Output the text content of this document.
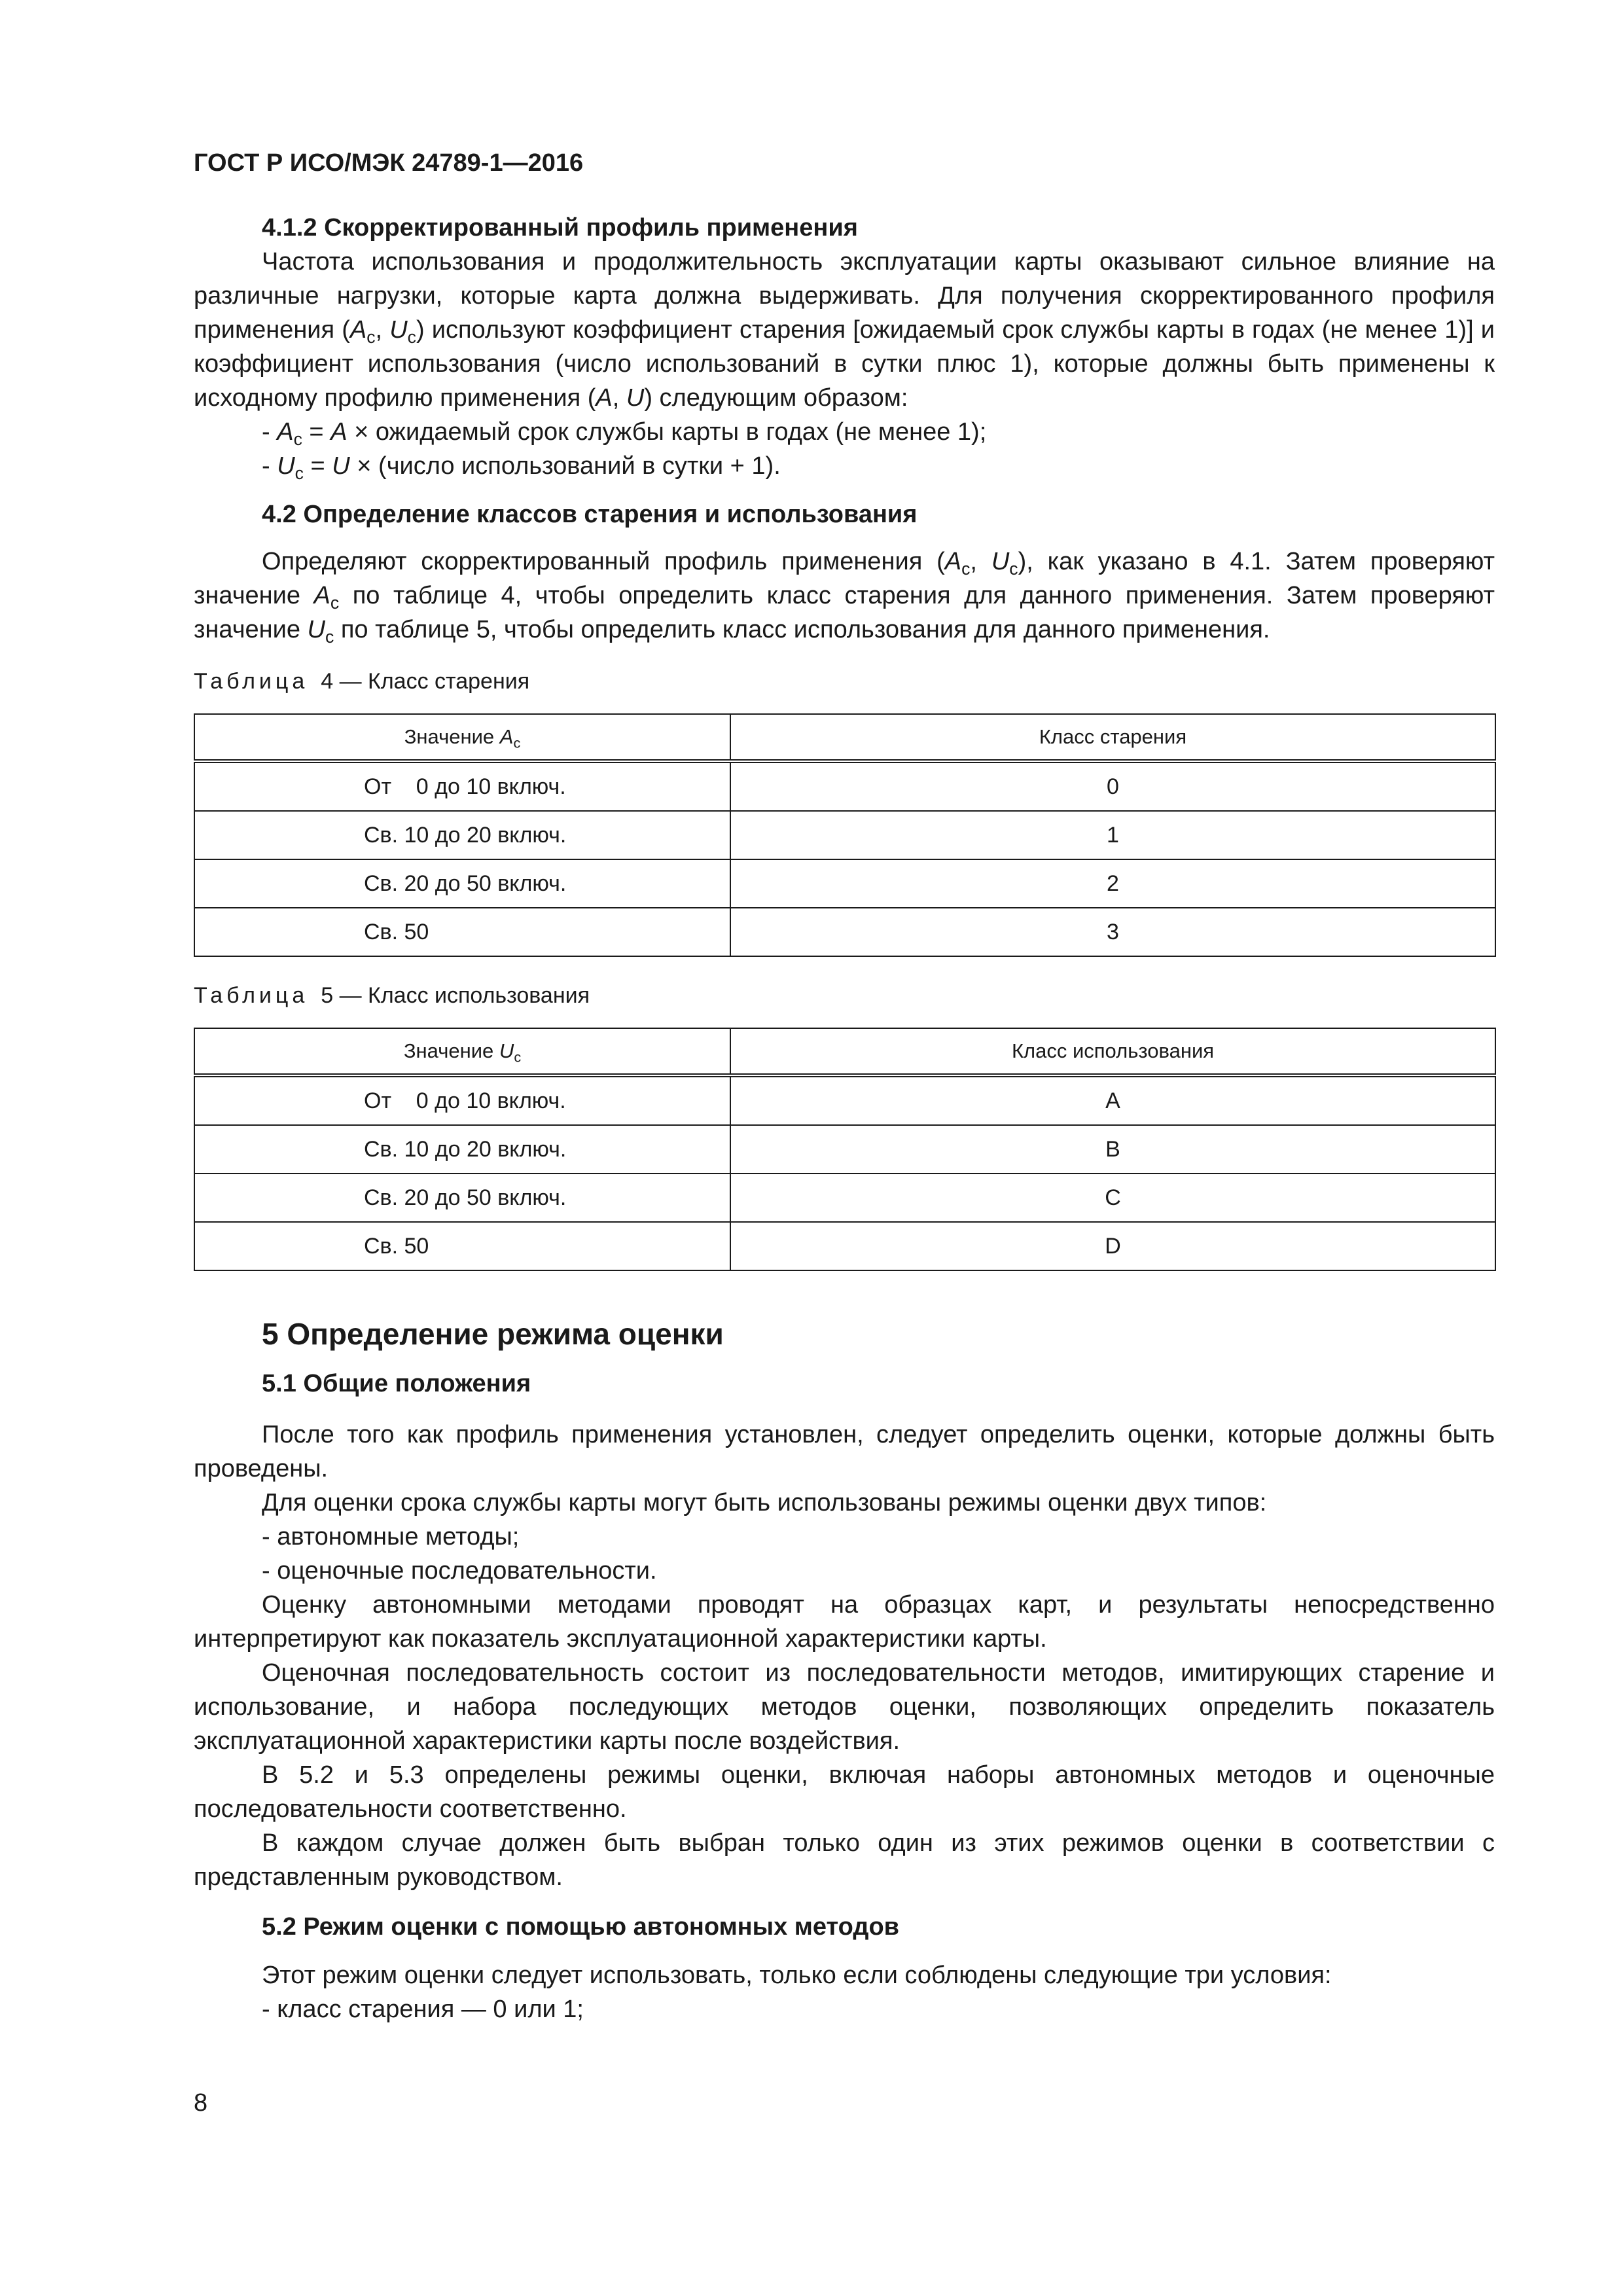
ГОСТ Р ИСО/МЭК 24789-1—2016
4.1.2 Скорректированный профиль применения

Частота использования и продолжительность эксплуатации карты оказывают сильное влияние на различные нагрузки, которые карта должна выдерживать. Для получения скорректированного профиля применения ($A_c$, $U_c$) используют коэффициент старения [ожидаемый срок службы карты в годах (не менее 1)] и коэффициент использования (число использований в сутки плюс 1), которые должны быть применены к исходному профилю применения (A, U) следующим образом:

- $A_c = A$ × ожидаемый срок службы карты в годах (не менее 1);

- $U_c = U$ × (число использований в сутки + 1).

4.2 Определение классов старения и использования

Определяют скорректированный профиль применения ($A_c$, $U_c$), как указано в 4.1. Затем проверяют значение $A_c$ по таблице 4, чтобы определить класс старения для данного применения. Затем проверяют значение $U_c$ по таблице 5, чтобы определить класс использования для данного применения.

Таблица 4 — Класс старения
Значение $A_c$	Класс старения
От    0 до 10 включ.	0
Св. 10 до 20 включ.	1
Св. 20 до 50 включ.	2
Св. 50	3
Таблица 5 — Класс использования
Значение $U_c$	Класс использования
От    0 до 10 включ.	A
Св. 10 до 20 включ.	B
Св. 20 до 50 включ.	C
Св. 50	D
5 Определение режима оценки
5.1 Общие положения

После того как профиль применения установлен, следует определить оценки, которые должны быть проведены.

Для оценки срока службы карты могут быть использованы режимы оценки двух типов:

- автономные методы;

- оценочные последовательности.

Оценку автономными методами проводят на образцах карт, и результаты непосредственно интерпретируют как показатель эксплуатационной характеристики карты.

Оценочная последовательность состоит из последовательности методов, имитирующих старение и использование, и набора последующих методов оценки, позволяющих определить показатель эксплуатационной характеристики карты после воздействия.

В 5.2 и 5.3 определены режимы оценки, включая наборы автономных методов и оценочные последовательности соответственно.

В каждом случае должен быть выбран только один из этих режимов оценки в соответствии с представленным руководством.

5.2 Режим оценки с помощью автономных методов

Этот режим оценки следует использовать, только если соблюдены следующие три условия:

- класс старения — 0 или 1;

8
